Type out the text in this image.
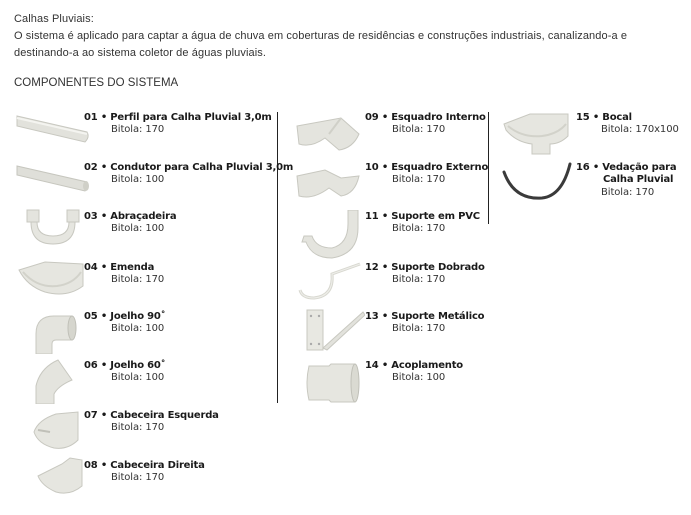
Calhas Pluviais:
O sistema é aplicado para captar a água de chuva em coberturas de residências e construções industriais, canalizando-a e
destinando-a ao sistema coletor de águas pluviais.
COMPONENTES DO SISTEMA
01 • Perfil para Calha Pluvial 3,0m
Bitola: 170
02 • Condutor para Calha Pluvial 3,0m
Bitola: 100
03 • Abraçadeira
Bitola: 100
04 • Emenda
Bitola: 170
05 • Joelho 90˚
Bitola: 100
06 • Joelho 60˚
Bitola: 100
07 • Cabeceira Esquerda
Bitola: 170
08 • Cabeceira Direita
Bitola: 170
09 • Esquadro Interno
Bitola: 170
10 • Esquadro Externo
Bitola: 170
11 • Suporte em PVC
Bitola: 170
12 • Suporte Dobrado
Bitola: 170
13 • Suporte Metálico
Bitola: 170
14 • Acoplamento
Bitola: 100
15 • Bocal
Bitola: 170x100
16 • Vedação para
Calha Pluvial
Bitola: 170
